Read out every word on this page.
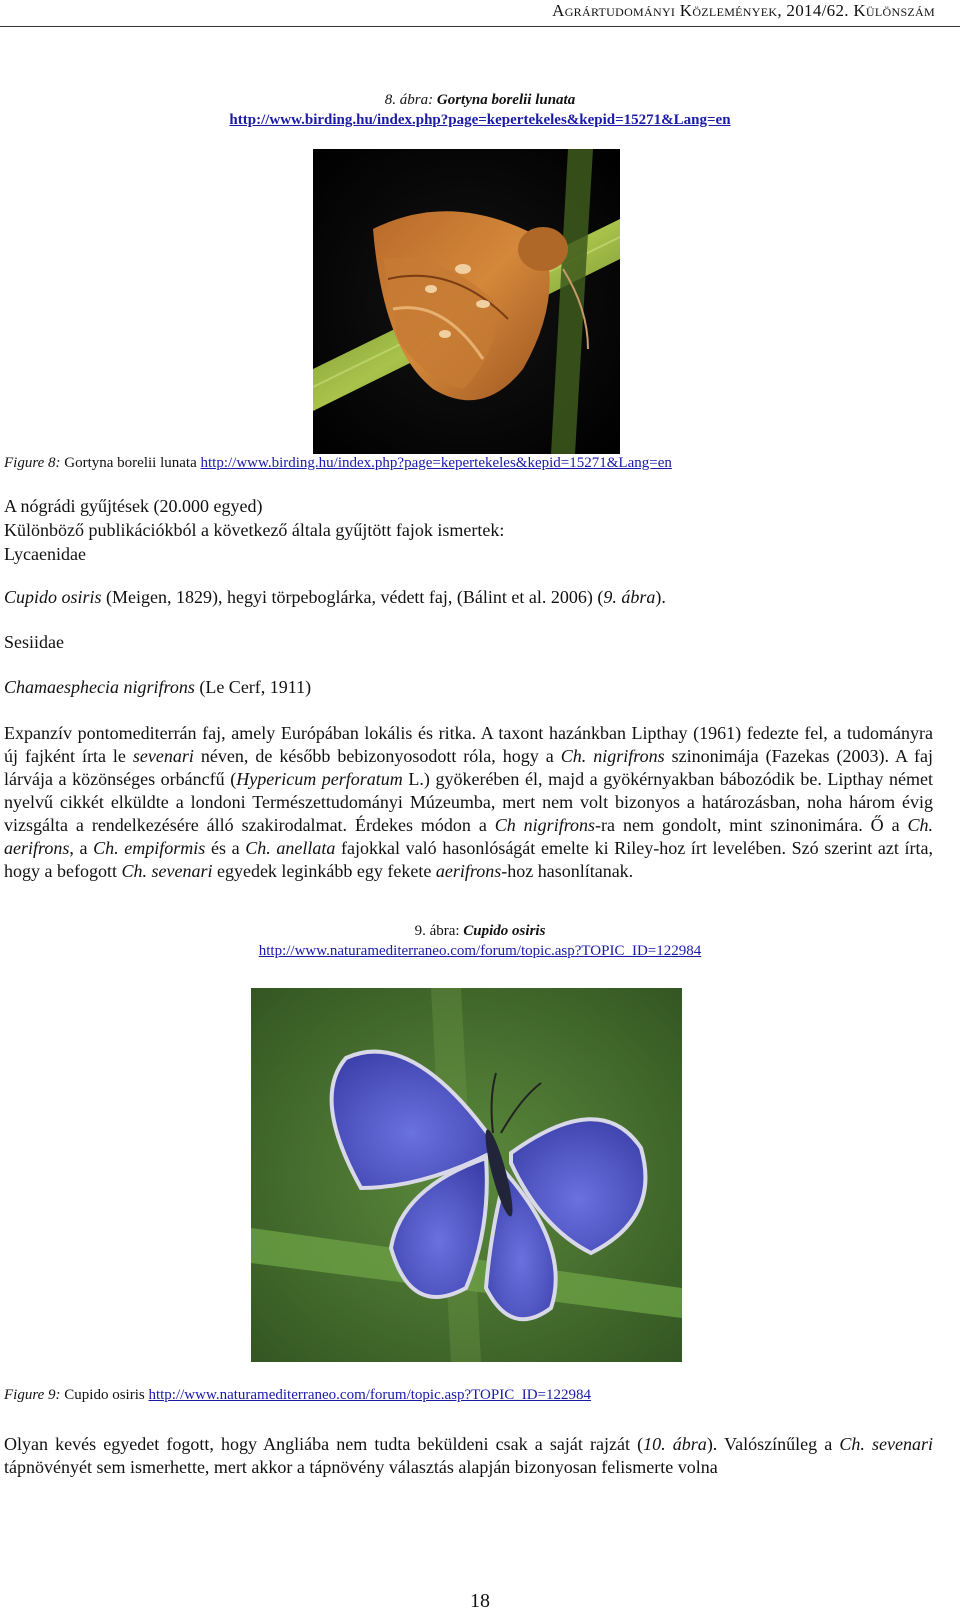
Agrártudományi Közlemények, 2014/62. Különszám
8. ábra: Gortyna borelii lunata
http://www.birding.hu/index.php?page=kepertekeles&kepid=15271&Lang=en
Figure 8: Gortyna borelii lunata http://www.birding.hu/index.php?page=kepertekeles&kepid=15271&Lang=en
A nógrádi gyűjtések (20.000 egyed)
Különböző publikációkból a következő általa gyűjtött fajok ismertek:
Lycaenidae
Cupido osiris (Meigen, 1829), hegyi törpeboglárka, védett faj, (Bálint et al. 2006) (9. ábra).
Sesiidae
Chamaesphecia nigrifrons (Le Cerf, 1911)
Expanzív pontomediterrán faj, amely Európában lokális és ritka. A taxont hazánkban Lipthay (1961) fedezte fel, a tudományra új fajként írta le sevenari néven, de később bebizonyosodott róla, hogy a Ch. nigrifrons szinonimája (Fazekas (2003). A faj lárvája a közönséges orbáncfű (Hypericum perforatum L.) gyökerében él, majd a gyökérnyakban bábozódik be. Lipthay német nyelvű cikkét elküldte a londoni Természettudományi Múzeumba, mert nem volt bizonyos a határozásban, noha három évig vizsgálta a rendelkezésére álló szakirodalmat. Érdekes módon a Ch nigrifrons-ra nem gondolt, mint szinonimára. Ő a Ch. aerifrons, a Ch. empiformis és a Ch. anellata fajokkal való hasonlóságát emelte ki Riley-hoz írt levelében. Szó szerint azt írta, hogy a befogott Ch. sevenari egyedek leginkább egy fekete aerifrons-hoz hasonlítanak.
9. ábra: Cupido osiris
http://www.naturamediterraneo.com/forum/topic.asp?TOPIC_ID=122984
Figure 9: Cupido osiris http://www.naturamediterraneo.com/forum/topic.asp?TOPIC_ID=122984
Olyan kevés egyedet fogott, hogy Angliába nem tudta beküldeni csak a saját rajzát (10. ábra). Valószínűleg a Ch. sevenari tápnövényét sem ismerhette, mert akkor a tápnövény választás alapján bizonyosan felismerte volna
18
